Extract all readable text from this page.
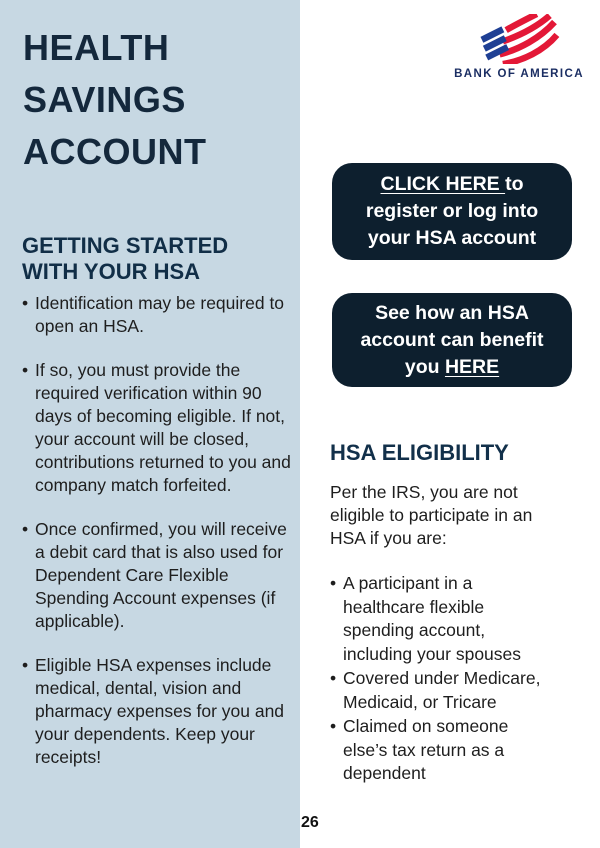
HEALTH SAVINGS ACCOUNT
GETTING STARTED WITH YOUR HSA
• Identification may be required to open an HSA.
• If so, you must provide the required verification within 90 days of becoming eligible. If not, your account will be closed, contributions returned to you and company match forfeited.
• Once confirmed, you will receive a debit card that is also used for Dependent Care Flexible Spending Account expenses (if applicable).
• Eligible HSA expenses include medical, dental, vision and pharmacy expenses for you and your dependents. Keep your receipts!
BANK OF AMERICA
CLICK HERE to register or log into your HSA account
See how an HSA account can benefit you HERE
HSA ELIGIBILITY

Per the IRS, you are not eligible to participate in an HSA if you are:

• A participant in a healthcare flexible spending account, including your spouses
• Covered under Medicare, Medicaid, or Tricare
• Claimed on someone else’s tax return as a dependent
26
